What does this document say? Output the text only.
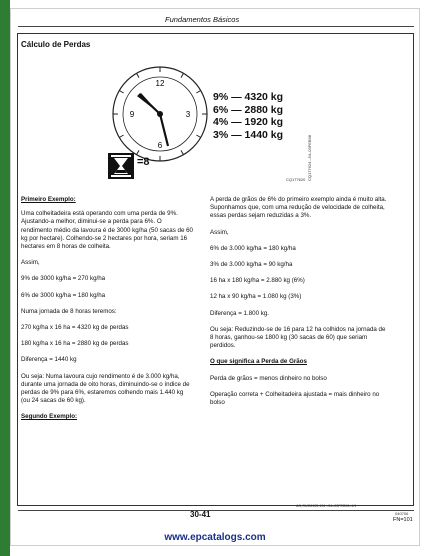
Fundamentos Básicos
Cálculo de Perdas
12
3
6
9
9% — 4320 kg
6% — 2880 kg
4% — 1920 kg
3% — 1440 kg
CQ177624 –54–03FEB98
CQ177620
=8

Primeiro Exemplo:

Uma colheitadeira está operando com uma perda de 9%. Ajustando-a melhor, diminui-se a perda para 6%. O rendimento médio da lavoura é de 3000 kg/ha (50 sacas de 60 kg por hectare). Colhendo-se 2 hectares por hora, seriam 16 hectares em 8 horas de colheita.

Assim,

9% de 3000 kg/ha = 270 kg/ha

6% de 3000 kg/ha = 180 kg/ha

Numa jornada de 8 horas teremos:

270 kg/ha x 16 ha = 4320 kg de perdas

180 kg/ha x 16 ha = 2880 kg de perdas

Diferença = 1440 kg

Ou seja: Numa lavoura cujo rendimento é de 3.000 kg/ha, durante uma jornada de oito horas, diminuindo-se o índice de perdas de 9% para 6%, estaremos colhendo mais 1.440 kg (ou 24 sacas de 60 kg).

Segundo Exemplo:

A perda de grãos de 6% do primeiro exemplo ainda é muito alta. Suponhamos que, com uma redução de velocidade de colheita, essas perdas sejam reduzidas a 3%.

Assim,

6% de 3.000 kg/ha = 180 kg/ha

3% de 3.000 kg/ha = 90 kg/ha

16 ha x 180 kg/ha = 2.880 kg (6%)

12 ha x 90 kg/ha = 1.080 kg (3%)

Diferença = 1.800 kg.

Ou seja: Reduzindo-se de 16 para 12 ha colhidos na jornada de 8 horas, ganhou-se 1800 kg (30 sacas de 60) que seriam perdidos.

O que significa a Perda de Grãos

Perda de grãos = menos dinheiro no bolso

Operação correta + Colheitadeira ajustada = mais dinheiro no bolso

AG,OUO6155,134 –54–03FEB98–1/1
30-41	040706
FN=101
www.epcatalogs.com
